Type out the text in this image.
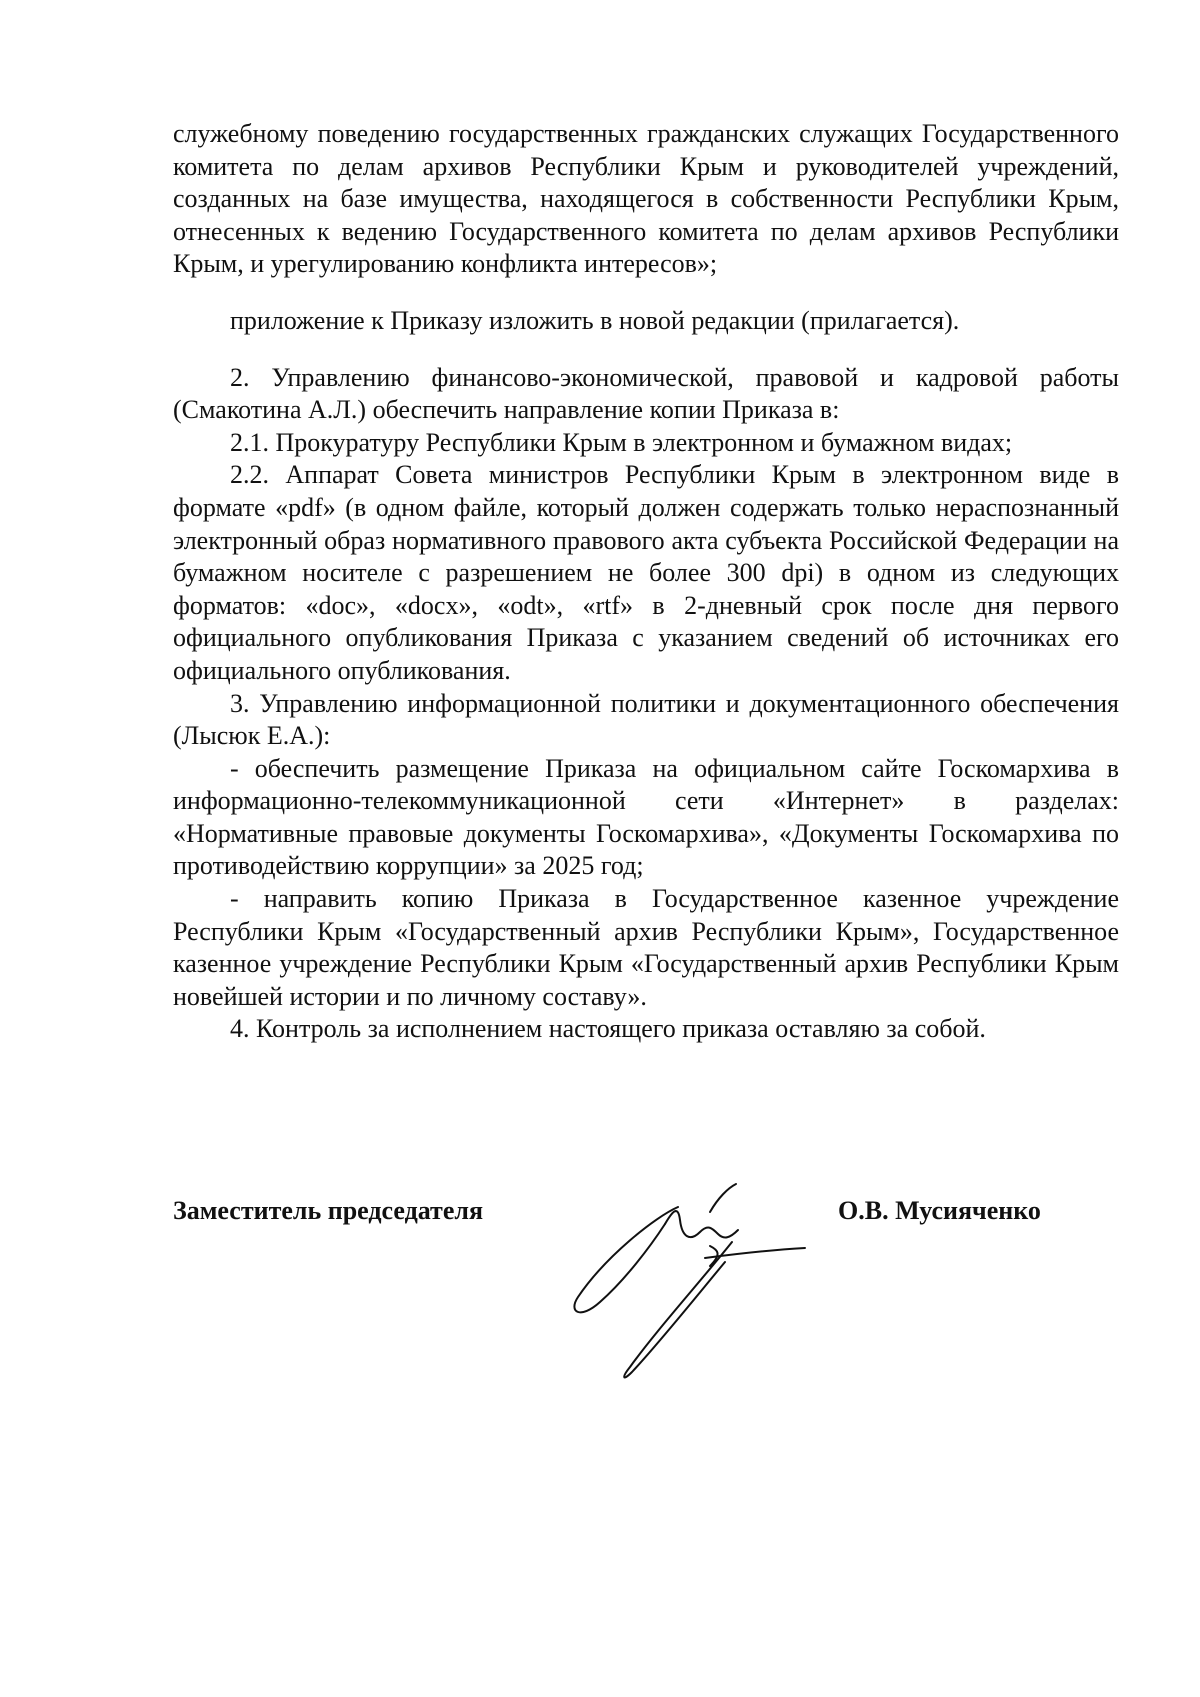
служебному поведению государственных гражданских служащих Государственного комитета по делам архивов Республики Крым и руководителей учреждений, созданных на базе имущества, находящегося в собственности Республики Крым, отнесенных к ведению Государственного комитета по делам архивов Республики Крым, и урегулированию конфликта интересов»;

приложение к Приказу изложить в новой редакции (прилагается).

2. Управлению финансово-экономической, правовой и кадровой работы (Смакотина А.Л.) обеспечить направление копии Приказа в:

2.1. Прокуратуру Республики Крым в электронном и бумажном видах;

2.2. Аппарат Совета министров Республики Крым в электронном виде в формате «pdf» (в одном файле, который должен содержать только нераспознанный электронный образ нормативного правового акта субъекта Российской Федерации на бумажном носителе с разрешением не более 300 dpi) в одном из следующих форматов: «doc», «docx», «odt», «rtf» в 2-дневный срок после дня первого официального опубликования Приказа с указанием сведений об источниках его официального опубликования.

3. Управлению информационной политики и документационного обеспечения (Лысюк Е.А.):

- обеспечить размещение Приказа на официальном сайте Госкомархива в информационно-телекоммуникационной сети «Интернет» в разделах: «Нормативные правовые документы Госкомархива», «Документы Госкомархива по противодействию коррупции» за 2025 год;

- направить копию Приказа в Государственное казенное учреждение Республики Крым «Государственный архив Республики Крым», Государственное казенное учреждение Республики Крым «Государственный архив Республики Крым новейшей истории и по личному составу».

4. Контроль за исполнением настоящего приказа оставляю за собой.

Заместитель председателя	О.В. Мусияченко
